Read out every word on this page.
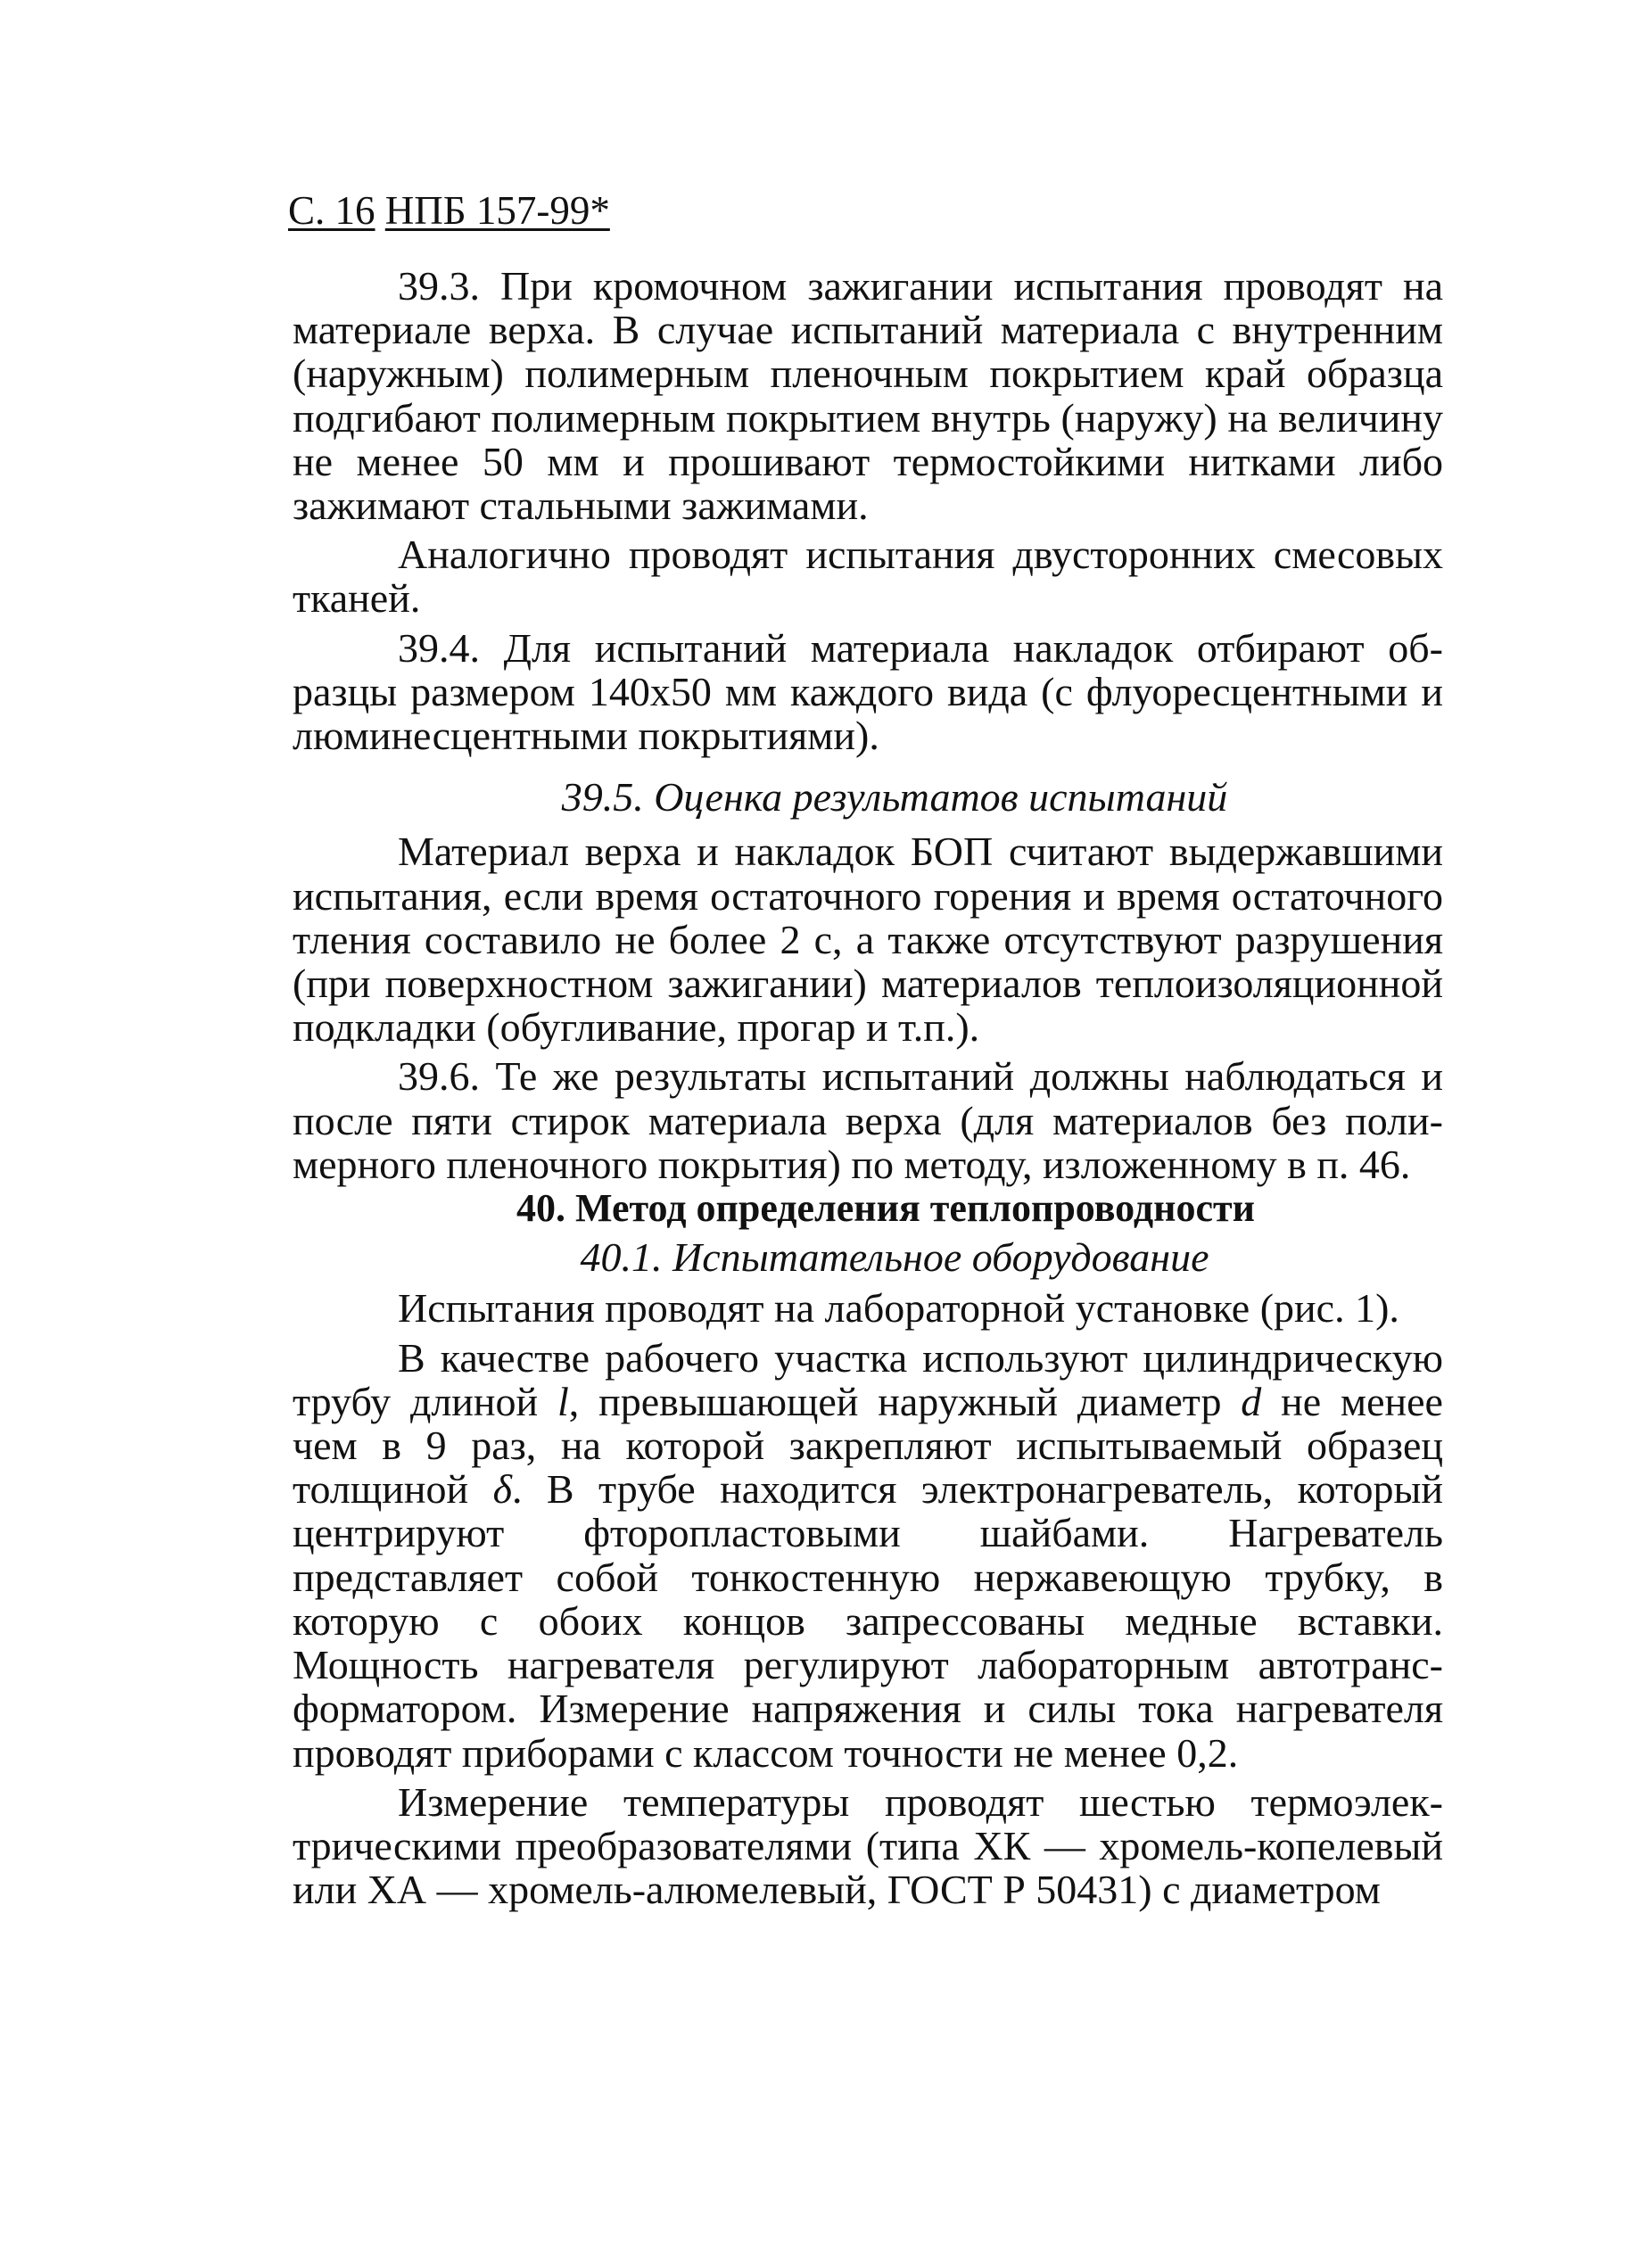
С. 16 НПБ 157-99*

39.3. При кромочном зажигании испытания проводят на материале верха. В случае испытаний материала с внутренним (наружным) полимерным пленочным покрытием край образца подгибают полимерным покрытием внутрь (наружу) на величину не менее 50 мм и прошивают термостойкими нитками либо зажимают стальными зажимами.

Аналогично проводят испытания двусторонних смесовых тканей.

39.4. Для испытаний материала накладок отбирают образцы размером 140x50 мм каждого вида (с флуоресцентными и люминесцентными покрытиями).

39.5. Оценка результатов испытаний

Материал верха и накладок БОП считают выдержавшими испытания, если время остаточного горения и время остаточного тления составило не более 2 с, а также отсутствуют разрушения (при поверхностном зажигании) материалов теплоизоляционной подкладки (обугливание, прогар и т.п.).

39.6. Те же результаты испытаний должны наблюдаться и после пяти стирок материала верха (для материалов без полимерного пленочного покрытия) по методу, изложенному в п. 46.

40. Метод определения теплопроводности

40.1. Испытательное оборудование

Испытания проводят на лабораторной установке (рис. 1).

В качестве рабочего участка используют цилиндрическую трубу длиной l, превышающей наружный диаметр d не менее чем в 9 раз, на которой закрепляют испытываемый образец толщиной δ. В трубе находится электронагреватель, который центрируют фторопластовыми шайбами. Нагреватель представляет собой тонкостенную нержавеющую трубку, в которую с обоих концов запрессованы медные вставки. Мощность нагревателя регулируют лабораторным автотрансформатором. Измерение напряжения и силы тока нагревателя проводят приборами с классом точности не менее 0,2.

Измерение температуры проводят шестью термоэлектрическими преобразователями (типа ХК — хромель-копелевый или ХА — хромель-алюмелевый, ГОСТ Р 50431) с диаметром
